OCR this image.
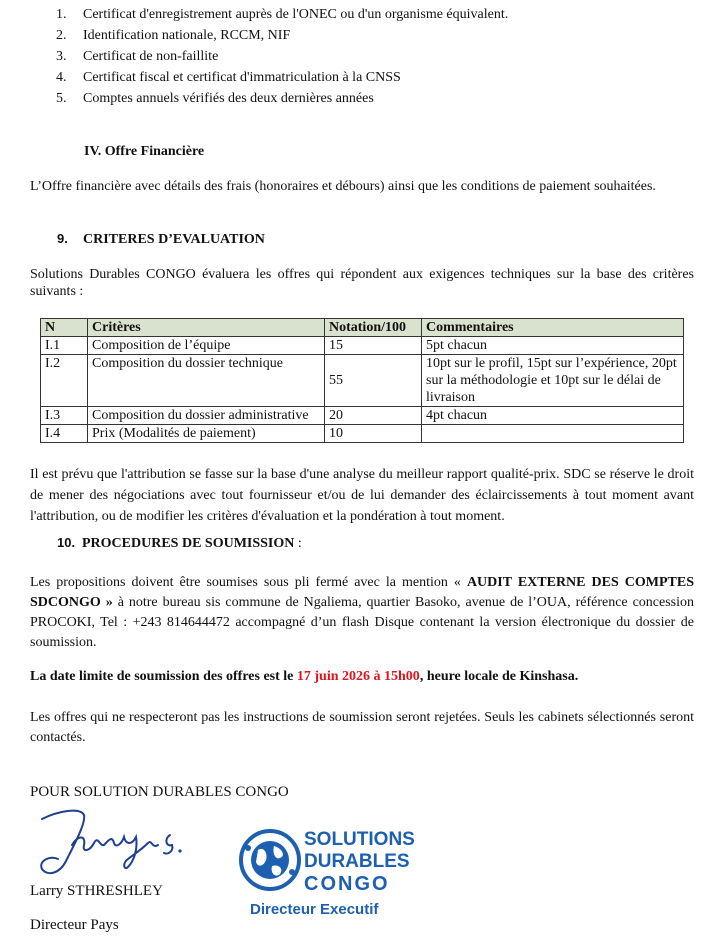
1. Certificat d'enregistrement auprès de l'ONEC ou d'un organisme équivalent.
2. Identification nationale, RCCM, NIF
3. Certificat de non-faillite
4. Certificat fiscal et certificat d'immatriculation à la CNSS
5. Comptes annuels vérifiés des deux dernières années
IV. Offre Financière
L’Offre financière avec détails des frais (honoraires et débours) ainsi que les conditions de paiement souhaitées.
9. CRITERES D’EVALUATION
Solutions Durables CONGO évaluera les offres qui répondent aux exigences techniques sur la base des critères suivants :
N	Critères	Notation/100	Commentaires
I.1	Composition de l’équipe	15	5pt chacun
I.2	Composition du dossier technique	55	10pt sur le profil, 15pt sur l’expérience, 20pt sur la méthodologie et 10pt sur le délai de livraison
I.3	Composition du dossier administrative	20	4pt chacun
I.4	Prix (Modalités de paiement)	10	
Il est prévu que l'attribution se fasse sur la base d'une analyse du meilleur rapport qualité-prix. SDC se réserve le droit de mener des négociations avec tout fournisseur et/ou de lui demander des éclaircissements à tout moment avant l'attribution, ou de modifier les critères d'évaluation et la pondération à tout moment.
10. PROCEDURES DE SOUMISSION :
Les propositions doivent être soumises sous pli fermé avec la mention « AUDIT EXTERNE DES COMPTES SDCONGO » à notre bureau sis commune de Ngaliema, quartier Basoko, avenue de l’OUA, référence concession PROCOKI, Tel : +243 814644472 accompagné d’un flash Disque contenant la version électronique du dossier de soumission.
La date limite de soumission des offres est le 17 juin 2026 à 15h00, heure locale de Kinshasa.
Les offres qui ne respecteront pas les instructions de soumission seront rejetées. Seuls les cabinets sélectionnés seront contactés.
POUR SOLUTION DURABLES CONGO
Larry STHRESHLEY
Directeur Pays
SOLUTIONS
DURABLES
CONGO
Directeur Executif
